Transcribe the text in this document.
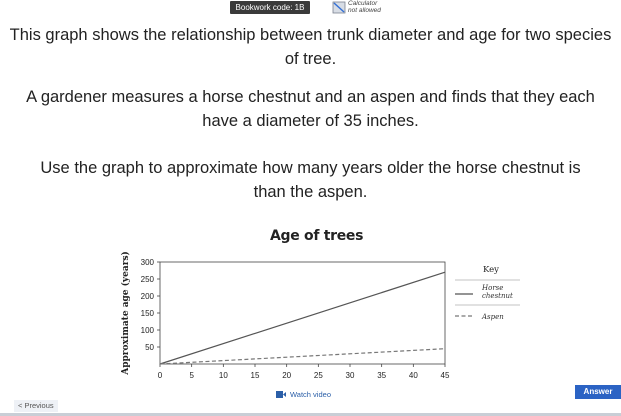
Bookwork code: 1B	Calculator
not allowed
This graph shows the relationship between trunk diameter and age for two species of tree.
A gardener measures a horse chestnut and an aspen and finds that they each have a diameter of 35 inches.
Use the graph to approximate how many years older the horse chestnut is than the aspen.
Age of trees
50
100
150
200
250
300
0	5	10	15	20	25	30	35	40	45
Approximate age (years)	Key
Horse
chestnut
Aspen
Watch video	Answer
< Previous
